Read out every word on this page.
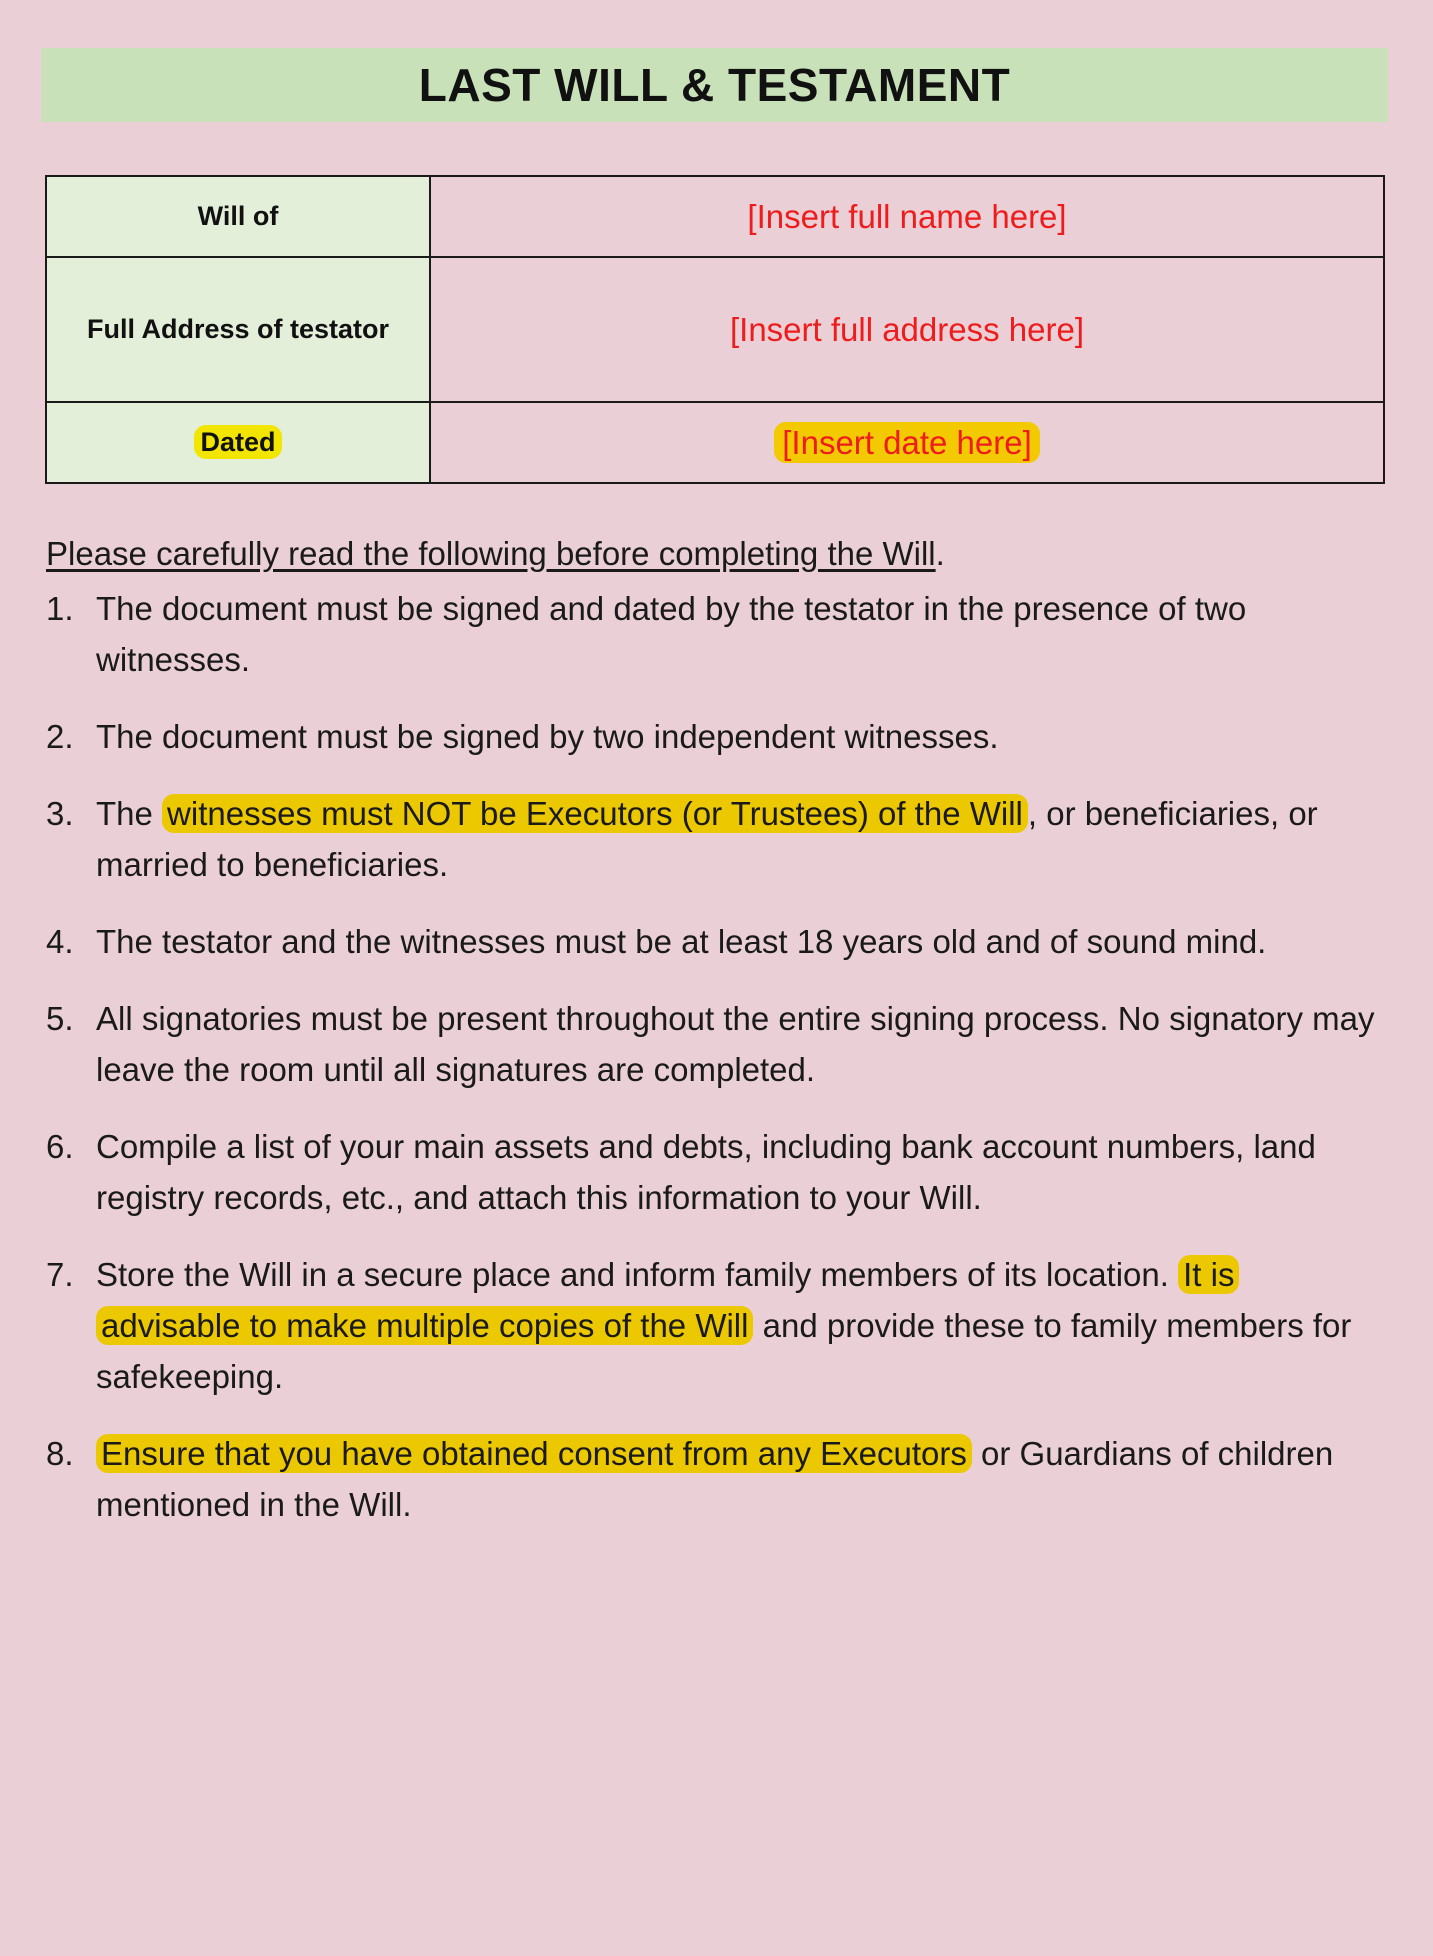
LAST WILL & TESTAMENT
Will of	[Insert full name here]
Full Address of testator	[Insert full address here]
Dated	[Insert date here]
Please carefully read the following before completing the Will.
1. The document must be signed and dated by the testator in the presence of two witnesses.
2. The document must be signed by two independent witnesses.
3. The witnesses must NOT be Executors (or Trustees) of the Will , or beneficiaries, or married to beneficiaries.
4. The testator and the witnesses must be at least 18 years old and of sound mind.
5. All signatories must be present throughout the entire signing process. No signatory may leave the room until all signatures are completed.
6. Compile a list of your main assets and debts, including bank account numbers, land registry records, etc., and attach this information to your Will.
7. Store the Will in a secure place and inform family members of its location. It is advisable to make multiple copies of the Will and provide these to family members for safekeeping.
8. Ensure that you have obtained consent from any Executors or Guardians of children mentioned in the Will.
